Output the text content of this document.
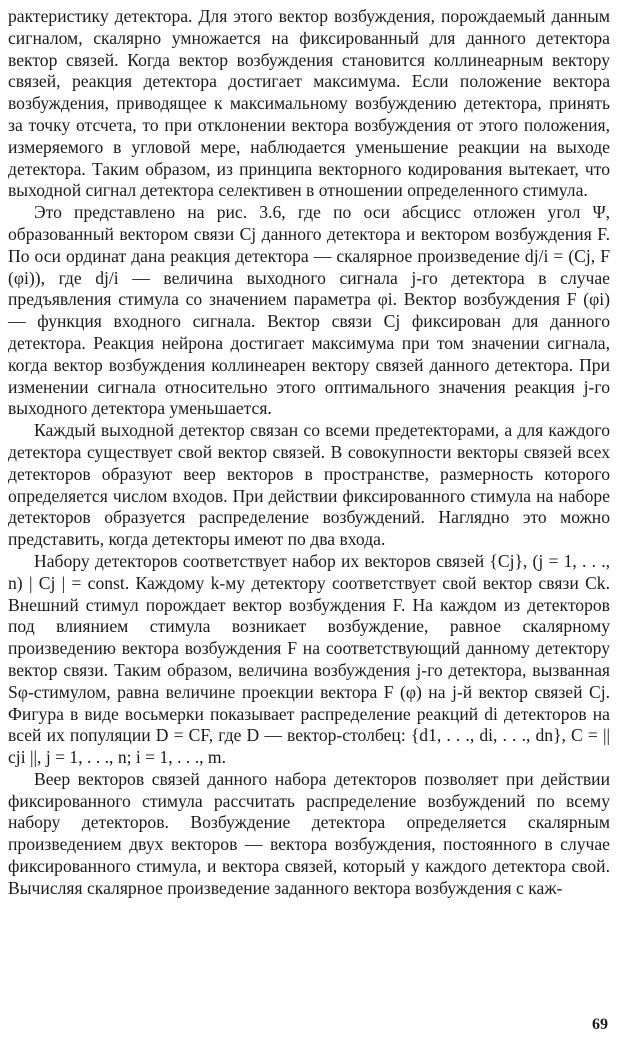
рактеристику детектора. Для этого вектор возбуждения, порождаемый данным сигналом, скалярно умножается на фиксированный для данного детектора вектор связей. Когда вектор возбуждения становится коллинеарным вектору связей, реакция детектора достигает максимума. Если положение вектора возбуждения, приводящее к максимальному возбуждению детектора, принять за точку отсчета, то при отклонении вектора возбуждения от этого положения, измеряемого в угловой мере, наблюдается уменьшение реакции на выходе детектора. Таким образом, из принципа векторного кодирования вытекает, что выходной сигнал детектора селективен в отношении определенного стимула.

Это представлено на рис. 3.6, где по оси абсцисс отложен угол Ψ, образованный вектором связи Cj данного детектора и вектором возбуждения F. По оси ординат дана реакция детектора — скалярное произведение dj/i = (Cj, F (φi)), где dj/i — величина выходного сигнала j-го детектора в случае предъявления стимула со значением параметра φi. Вектор возбуждения F (φi) — функция входного сигнала. Вектор связи Cj фиксирован для данного детектора. Реакция нейрона достигает максимума при том значении сигнала, когда вектор возбуждения коллинеарен вектору связей данного детектора. При изменении сигнала относительно этого оптимального значения реакция j-го выходного детектора уменьшается.

Каждый выходной детектор связан со всеми предетекторами, а для каждого детектора существует свой вектор связей. В совокупности векторы связей всех детекторов образуют веер векторов в пространстве, размерность которого определяется числом входов. При действии фиксированного стимула на наборе детекторов образуется распределение возбуждений. Наглядно это можно представить, когда детекторы имеют по два входа.

Набору детекторов соответствует набор их векторов связей {Cj}, (j = 1, . . ., n) | Cj | = const. Каждому k-му детектору соответствует свой вектор связи Ck. Внешний стимул порождает вектор возбуждения F. На каждом из детекторов под влиянием стимула возникает возбуждение, равное скалярному произведению вектора возбуждения F на соответствующий данному детектору вектор связи. Таким образом, величина возбуждения j-го детектора, вызванная Sφ-стимулом, равна величине проекции вектора F (φ) на j-й вектор связей Cj. Фигура в виде восьмерки показывает распределение реакций di детекторов на всей их популяции D = CF, где D — вектор-столбец: {d1, . . ., di, . . ., dn}, C = || cji ||, j = 1, . . ., n; i = 1, . . ., m.

Веер векторов связей данного набора детекторов позволяет при действии фиксированного стимула рассчитать распределение возбуждений по всему набору детекторов. Возбуждение детектора определяется скалярным произведением двух векторов — вектора возбуждения, постоянного в случае фиксированного стимула, и вектора связей, который у каждого детектора свой. Вычисляя скалярное произведение заданного вектора возбуждения с каж-

69
